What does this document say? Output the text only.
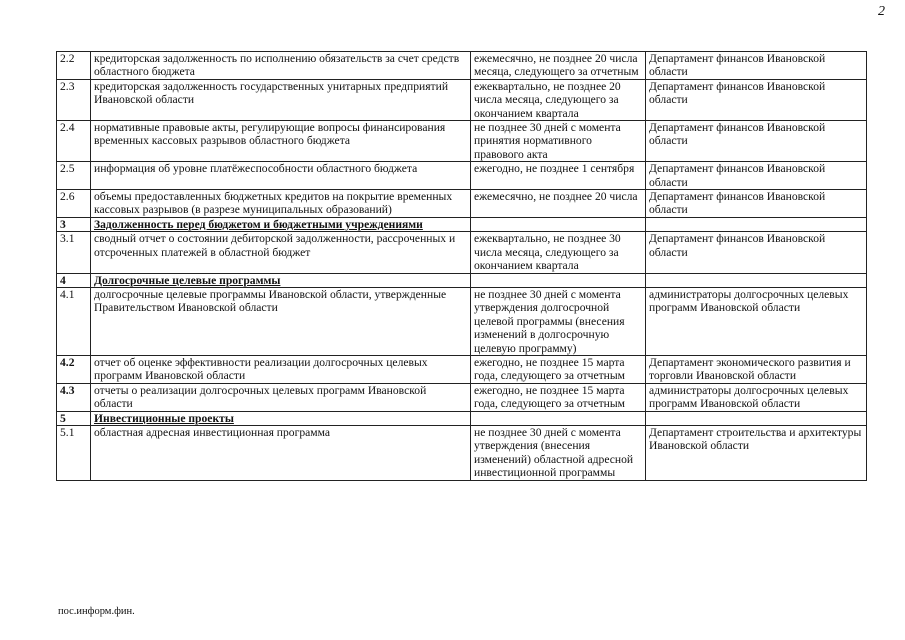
2
2.2	кредиторская задолженность по исполнению обязательств за счет средств областного бюджета	ежемесячно, не позднее 20 числа месяца, следующего за отчетным	Департамент финансов Ивановской области
2.3	кредиторская задолженность государственных унитарных предприятий Ивановской области	ежеквартально, не позднее 20 числа месяца, следующего за окончанием квартала	Департамент финансов Ивановской области
2.4	нормативные правовые акты, регулирующие вопросы финансирования временных кассовых разрывов областного бюджета	не позднее 30 дней с момента принятия нормативного правового акта	Департамент финансов Ивановской области
2.5	информация об уровне платёжеспособности областного бюджета	ежегодно, не позднее 1 сентября	Департамент финансов Ивановской области
2.6	объемы предоставленных бюджетных кредитов на покрытие временных кассовых разрывов (в разрезе муниципальных образований)	ежемесячно, не позднее 20 числа	Департамент финансов Ивановской области
3	Задолженность перед бюджетом и бюджетными учреждениями		
3.1	сводный отчет о состоянии дебиторской задолженности, рассроченных и отсроченных платежей в областной бюджет	ежеквартально, не позднее 30 числа месяца, следующего за окончанием квартала	Департамент финансов Ивановской области
4	Долгосрочные целевые программы		
4.1	долгосрочные целевые программы Ивановской области, утвержденные Правительством Ивановской области	не позднее 30 дней с момента утверждения долгосрочной целевой программы (внесения изменений в долгосрочную целевую программу)	администраторы долгосрочных целевых программ Ивановской области
4.2	отчет об оценке эффективности реализации долгосрочных целевых программ Ивановской области	ежегодно, не позднее 15 марта года, следующего за отчетным	Департамент экономического развития и торговли Ивановской области
4.3	отчеты о реализации долгосрочных целевых программ Ивановской области	ежегодно, не позднее 15 марта года, следующего за отчетным	администраторы долгосрочных целевых программ Ивановской области
5	Инвестиционные проекты		
5.1	областная адресная инвестиционная программа	не позднее 30 дней с момента утверждения (внесения изменений) областной адресной инвестиционной программы	Департамент строительства и архитектуры Ивановской области
пос.информ.фин.
